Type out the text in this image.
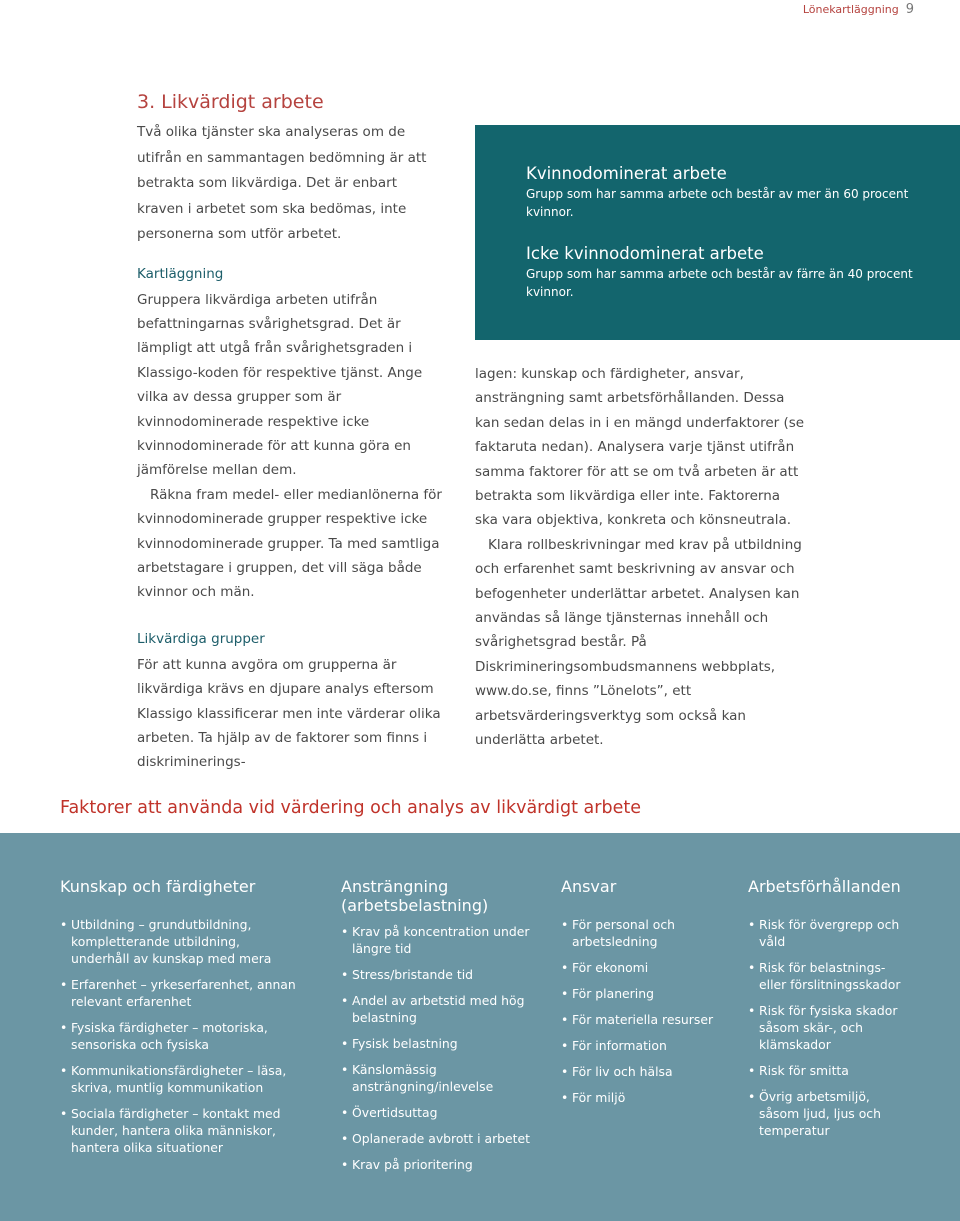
Lönekartläggning 9
3. Likvärdigt arbete

Två olika tjänster ska analyseras om de utifrån en sammantagen bedömning är att betrakta som likvärdiga. Det är enbart kraven i arbetet som ska bedömas, inte personerna som utför arbetet.

Kartläggning

Gruppera likvärdiga arbeten utifrån befattningarnas svårighetsgrad. Det är lämpligt att utgå från svårighetsgraden i Klassigo-koden för respektive tjänst. Ange vilka av dessa grupper som är kvinnodominerade respektive icke kvinnodominerade för att kunna göra en jämförelse mellan dem.

Räkna fram medel- eller medianlönerna för kvinnodominerade grupper respektive icke kvinnodominerade grupper. Ta med samtliga arbetstagare i gruppen, det vill säga både kvinnor och män.

Likvärdiga grupper

För att kunna avgöra om grupperna är likvärdiga krävs en djupare analys eftersom Klassigo klassificerar men inte värderar olika arbeten. Ta hjälp av de faktorer som finns i diskriminerings-

Kvinnodominerat arbete

Grupp som har samma arbete och består av mer än 60 procent kvinnor.

Icke kvinnodominerat arbete

Grupp som har samma arbete och består av färre än 40 procent kvinnor.

lagen: kunskap och färdigheter, ansvar, ansträngning samt arbetsförhållanden. Dessa kan sedan delas in i en mängd underfaktorer (se faktaruta nedan). Analysera varje tjänst utifrån samma faktorer för att se om två arbeten är att betrakta som likvärdiga eller inte. Faktorerna ska vara objektiva, konkreta och könsneutrala.

Klara rollbeskrivningar med krav på utbildning och erfarenhet samt beskrivning av ansvar och befogenheter underlättar arbetet. Analysen kan användas så länge tjänsternas innehåll och svårighetsgrad består. På Diskrimineringsombudsmannens webbplats, www.do.se, finns ”Lönelots”, ett arbetsvärderingsverktyg som också kan underlätta arbetet.

Faktorer att använda vid värdering och analys av likvärdigt arbete
Kunskap och färdigheter
• Utbildning – grundutbildning, kompletterande utbildning, underhåll av kunskap med mera
• Erfarenhet – yrkeserfarenhet, annan relevant erfarenhet
• Fysiska färdigheter – motoriska, sensoriska och fysiska
• Kommunikationsfärdigheter – läsa, skriva, muntlig kommunikation
• Sociala färdigheter – kontakt med kunder, hantera olika människor, hantera olika situationer
Ansträngning (arbetsbelastning)
• Krav på koncentration under längre tid
• Stress/bristande tid
• Andel av arbetstid med hög belastning
• Fysisk belastning
• Känslomässig ansträngning/inlevelse
• Övertidsuttag
• Oplanerade avbrott i arbetet
• Krav på prioritering
Ansvar
• För personal och arbetsledning
• För ekonomi
• För planering
• För materiella resurser
• För information
• För liv och hälsa
• För miljö
Arbetsförhållanden
• Risk för övergrepp och våld
• Risk för belastnings- eller förslitningsskador
• Risk för fysiska skador såsom skär-, och klämskador
• Risk för smitta
• Övrig arbetsmiljö, såsom ljud, ljus och temperatur
